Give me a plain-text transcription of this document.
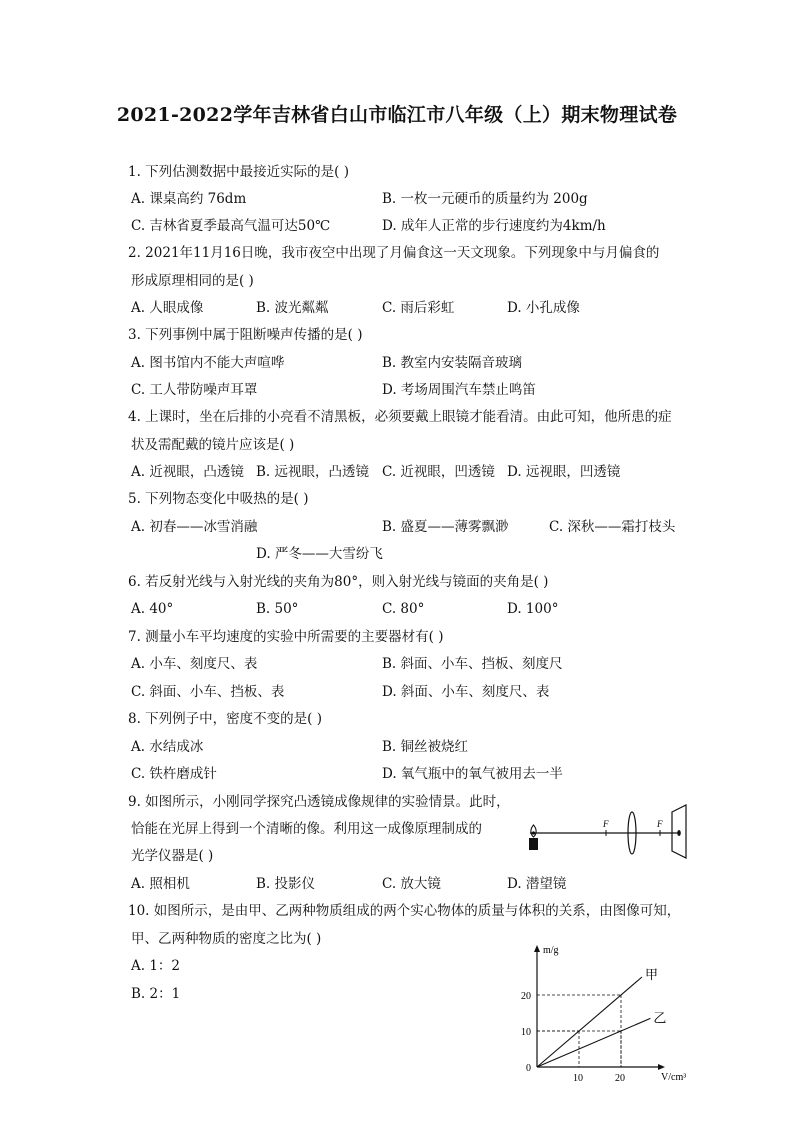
2021-2022学年吉林省白山市临江市八年级（上）期末物理试卷
1. 下列估测数据中最接近实际的是( )
A. 课桌高约 76dm	B. 一枚一元硬币的质量约为 200g
C. 吉林省夏季最高气温可达50℃	D. 成年人正常的步行速度约为4km/h
2. 2021年11月16日晚，我市夜空中出现了月偏食这一天文现象。下列现象中与月偏食的
形成原理相同的是( )
A. 人眼成像	B. 波光粼粼	C. 雨后彩虹	D. 小孔成像
3. 下列事例中属于阻断噪声传播的是( )
A. 图书馆内不能大声喧哗	B. 教室内安装隔音玻璃
C. 工人带防噪声耳罩	D. 考场周围汽车禁止鸣笛
4. 上课时，坐在后排的小亮看不清黑板，必须要戴上眼镜才能看清。由此可知，他所患的症
状及需配戴的镜片应该是( )
A. 近视眼，凸透镜 B. 远视眼，凸透镜 C. 近视眼，凹透镜 D. 远视眼，凹透镜
5. 下列物态变化中吸热的是( )
A. 初春——冰雪消融	B. 盛夏——薄雾飘渺	C. 深秋——霜打枝头
D. 严冬——大雪纷飞
6. 若反射光线与入射光线的夹角为80°，则入射光线与镜面的夹角是( )
A. 40°	B. 50°	C. 80°	D. 100°
7. 测量小车平均速度的实验中所需要的主要器材有( )
A. 小车、刻度尺、表	B. 斜面、小车、挡板、刻度尺
C. 斜面、小车、挡板、表	D. 斜面、小车、刻度尺、表
8. 下列例子中，密度不变的是( )
A. 水结成冰	B. 铜丝被烧红
C. 铁杵磨成针	D. 氧气瓶中的氧气被用去一半
9. 如图所示，小刚同学探究凸透镜成像规律的实验情景。此时，
恰能在光屏上得到一个清晰的像。利用这一成像原理制成的
光学仪器是( )
A. 照相机	B. 投影仪	C. 放大镜	D. 潜望镜
F	F
10. 如图所示，是由甲、乙两种物质组成的两个实心物体的质量与体积的关系，由图像可知，
甲、乙两种物质的密度之比为( )
A. 1：2
B. 2：1
m/g
V/cm³
0
甲
乙
10	20
10
20
